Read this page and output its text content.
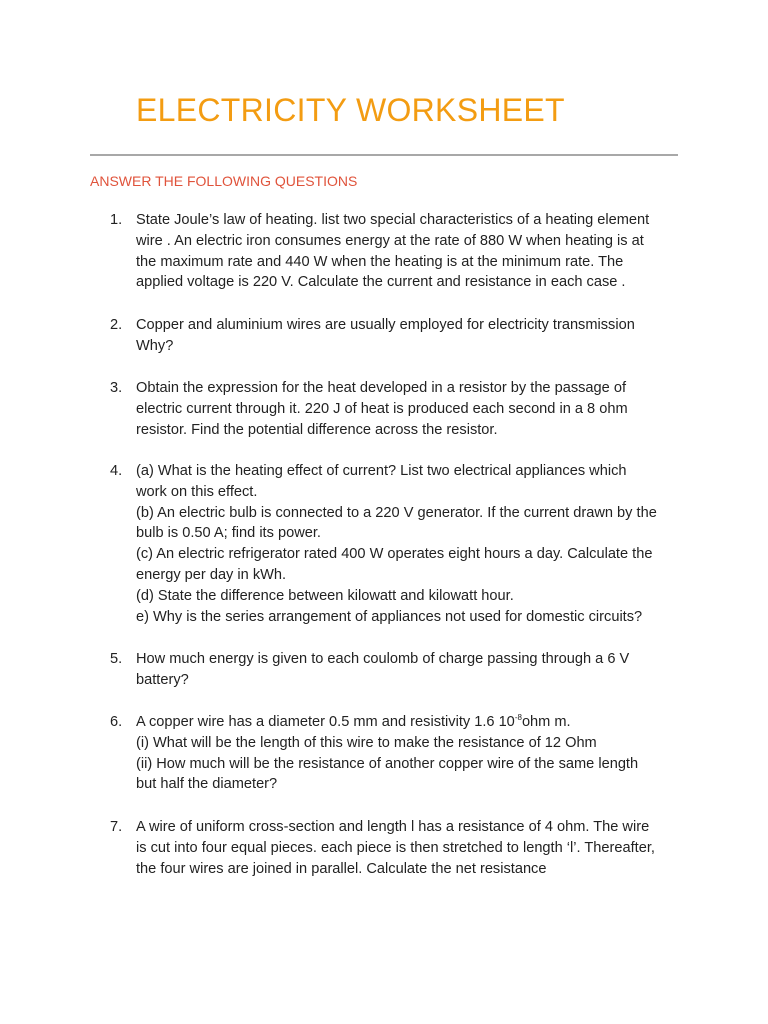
ELECTRICITY WORKSHEET
ANSWER THE FOLLOWING QUESTIONS
1. State Joule’s law of heating. list two special characteristics of a heating element
wire . An electric iron consumes energy at the rate of 880 W when heating is at
the maximum rate and 440 W when the heating is at the minimum rate. The
applied voltage is 220 V. Calculate the current and resistance in each case .
2. Copper and aluminium wires are usually employed for electricity transmission
Why?
3. Obtain the expression for the heat developed in a resistor by the passage of
electric current through it. 220 J of heat is produced each second in a 8 ohm
resistor. Find the potential difference across the resistor.
4. (a) What is the heating effect of current? List two electrical appliances which
work on this effect.
(b) An electric bulb is connected to a 220 V generator. If the current drawn by the
bulb is 0.50 A; find its power.
(c) An electric refrigerator rated 400 W operates eight hours a day. Calculate the
energy per day in kWh.
(d) State the difference between kilowatt and kilowatt hour.
e) Why is the series arrangement of appliances not used for domestic circuits?
5. How much energy is given to each coulomb of charge passing through a 6 V
battery?
6. A copper wire has a diameter 0.5 mm and resistivity 1.6 $10^{-8}ohm$ m.
(i) What will be the length of this wire to make the resistance of 12 Ohm
(ii) How much will be the resistance of another copper wire of the same length
but half the diameter?
7. A wire of uniform cross-section and length l has a resistance of 4 ohm. The wire
is cut into four equal pieces. each piece is then stretched to length ‘l’. Thereafter,
the four wires are joined in parallel. Calculate the net resistance
